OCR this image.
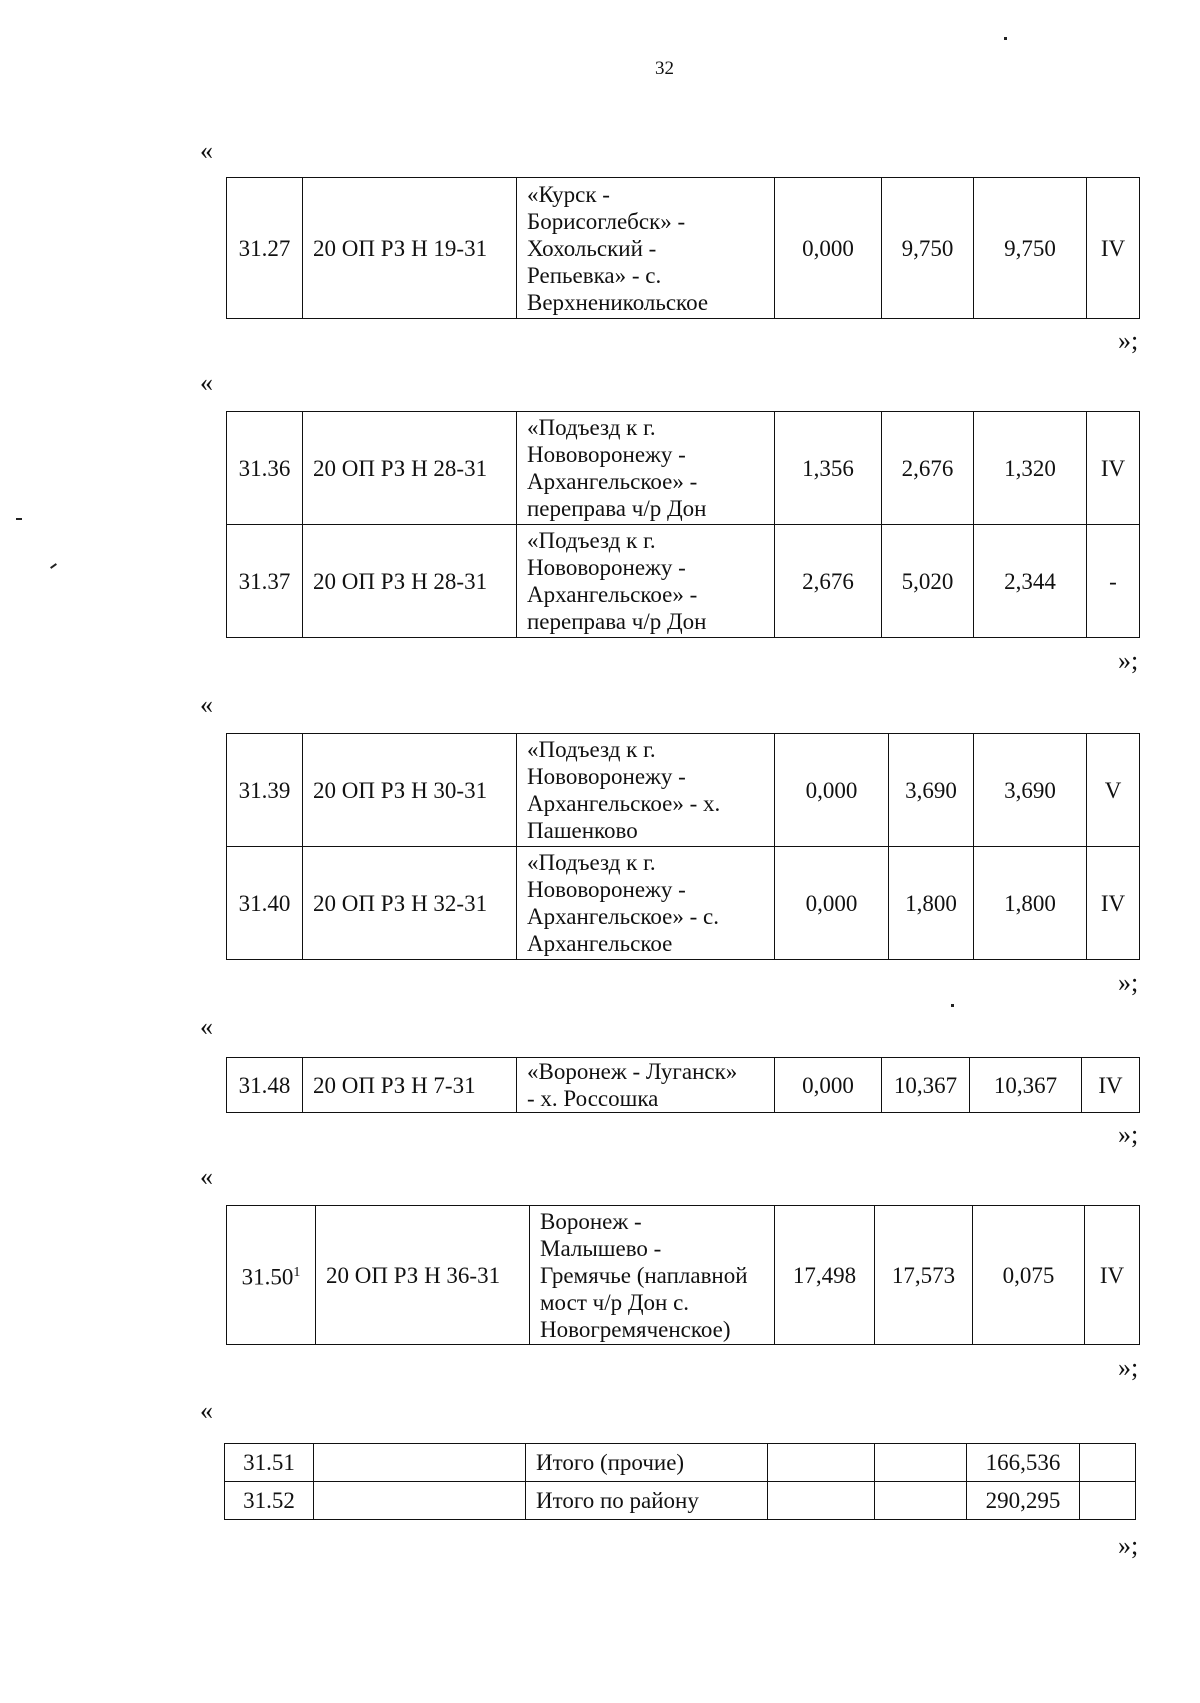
32
«
31.27	20 ОП РЗ Н 19-31	«Курск -
Борисоглебск» -
Хохольский -
Репьевка» - с.
Верхненикольское	0,000	9,750	9,750	IV
»;
«
31.36	20 ОП РЗ Н 28-31	«Подъезд к г.
Нововоронежу -
Архангельское» -
переправа ч/р Дон	1,356	2,676	1,320	IV
31.37	20 ОП РЗ Н 28-31	«Подъезд к г.
Нововоронежу -
Архангельское» -
переправа ч/р Дон	2,676	5,020	2,344	-
»;
«
31.39	20 ОП РЗ Н 30-31	«Подъезд к г.
Нововоронежу -
Архангельское» - х.
Пашенково	0,000	3,690	3,690	V
31.40	20 ОП РЗ Н 32-31	«Подъезд к г.
Нововоронежу -
Архангельское» - с.
Архангельское	0,000	1,800	1,800	IV
»;
«
31.48	20 ОП РЗ Н 7-31	«Воронеж - Луганск»
- х. Россошка	0,000	10,367	10,367	IV
»;
«
31.50$^1$	20 ОП РЗ Н 36-31	Воронеж -
Малышево -
Гремячье (наплавной
мост ч/р Дон с.
Новогремяченское)	17,498	17,573	0,075	IV
»;
«
31.51		Итого (прочие)			166,536	
31.52		Итого по району			290,295	
»;
